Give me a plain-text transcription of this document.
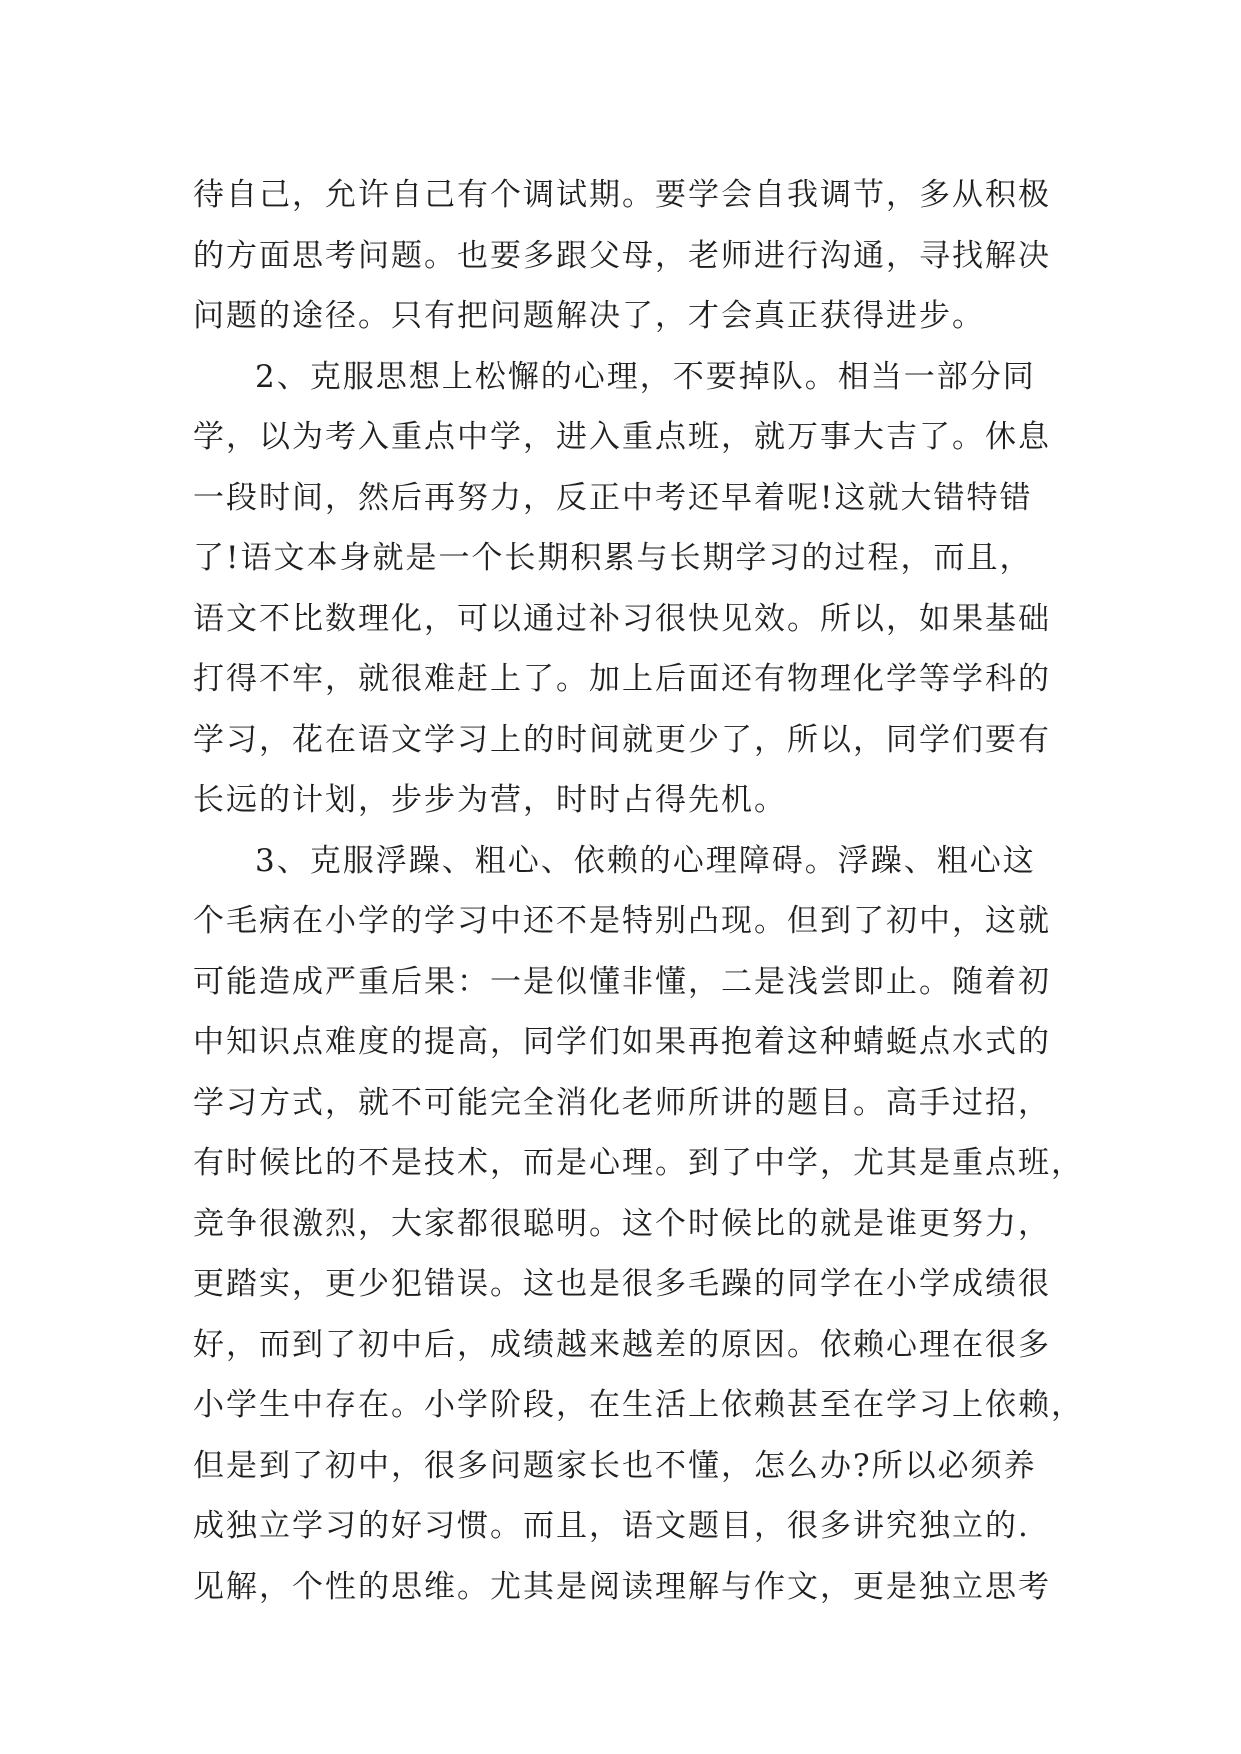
待自己，允许自己有个调试期。要学会自我调节，多从积极
的方面思考问题。也要多跟父母，老师进行沟通，寻找解决
问题的途径。只有把问题解决了，才会真正获得进步。
2、克服思想上松懈的心理，不要掉队。相当一部分同
学，以为考入重点中学，进入重点班，就万事大吉了。休息
一段时间，然后再努力，反正中考还早着呢!这就大错特错
了!语文本身就是一个长期积累与长期学习的过程，而且，
语文不比数理化，可以通过补习很快见效。所以，如果基础
打得不牢，就很难赶上了。加上后面还有物理化学等学科的
学习，花在语文学习上的时间就更少了，所以，同学们要有
长远的计划，步步为营，时时占得先机。
3、克服浮躁、粗心、依赖的心理障碍。浮躁、粗心这
个毛病在小学的学习中还不是特别凸现。但到了初中，这就
可能造成严重后果：一是似懂非懂，二是浅尝即止。随着初
中知识点难度的提高，同学们如果再抱着这种蜻蜓点水式的
学习方式，就不可能完全消化老师所讲的题目。高手过招，
有时候比的不是技术，而是心理。到了中学，尤其是重点班，
竞争很激烈，大家都很聪明。这个时候比的就是谁更努力，
更踏实，更少犯错误。这也是很多毛躁的同学在小学成绩很
好，而到了初中后，成绩越来越差的原因。依赖心理在很多
小学生中存在。小学阶段，在生活上依赖甚至在学习上依赖，
但是到了初中，很多问题家长也不懂，怎么办?所以必须养
成独立学习的好习惯。而且，语文题目，很多讲究独立的.
见解，个性的思维。尤其是阅读理解与作文，更是独立思考
